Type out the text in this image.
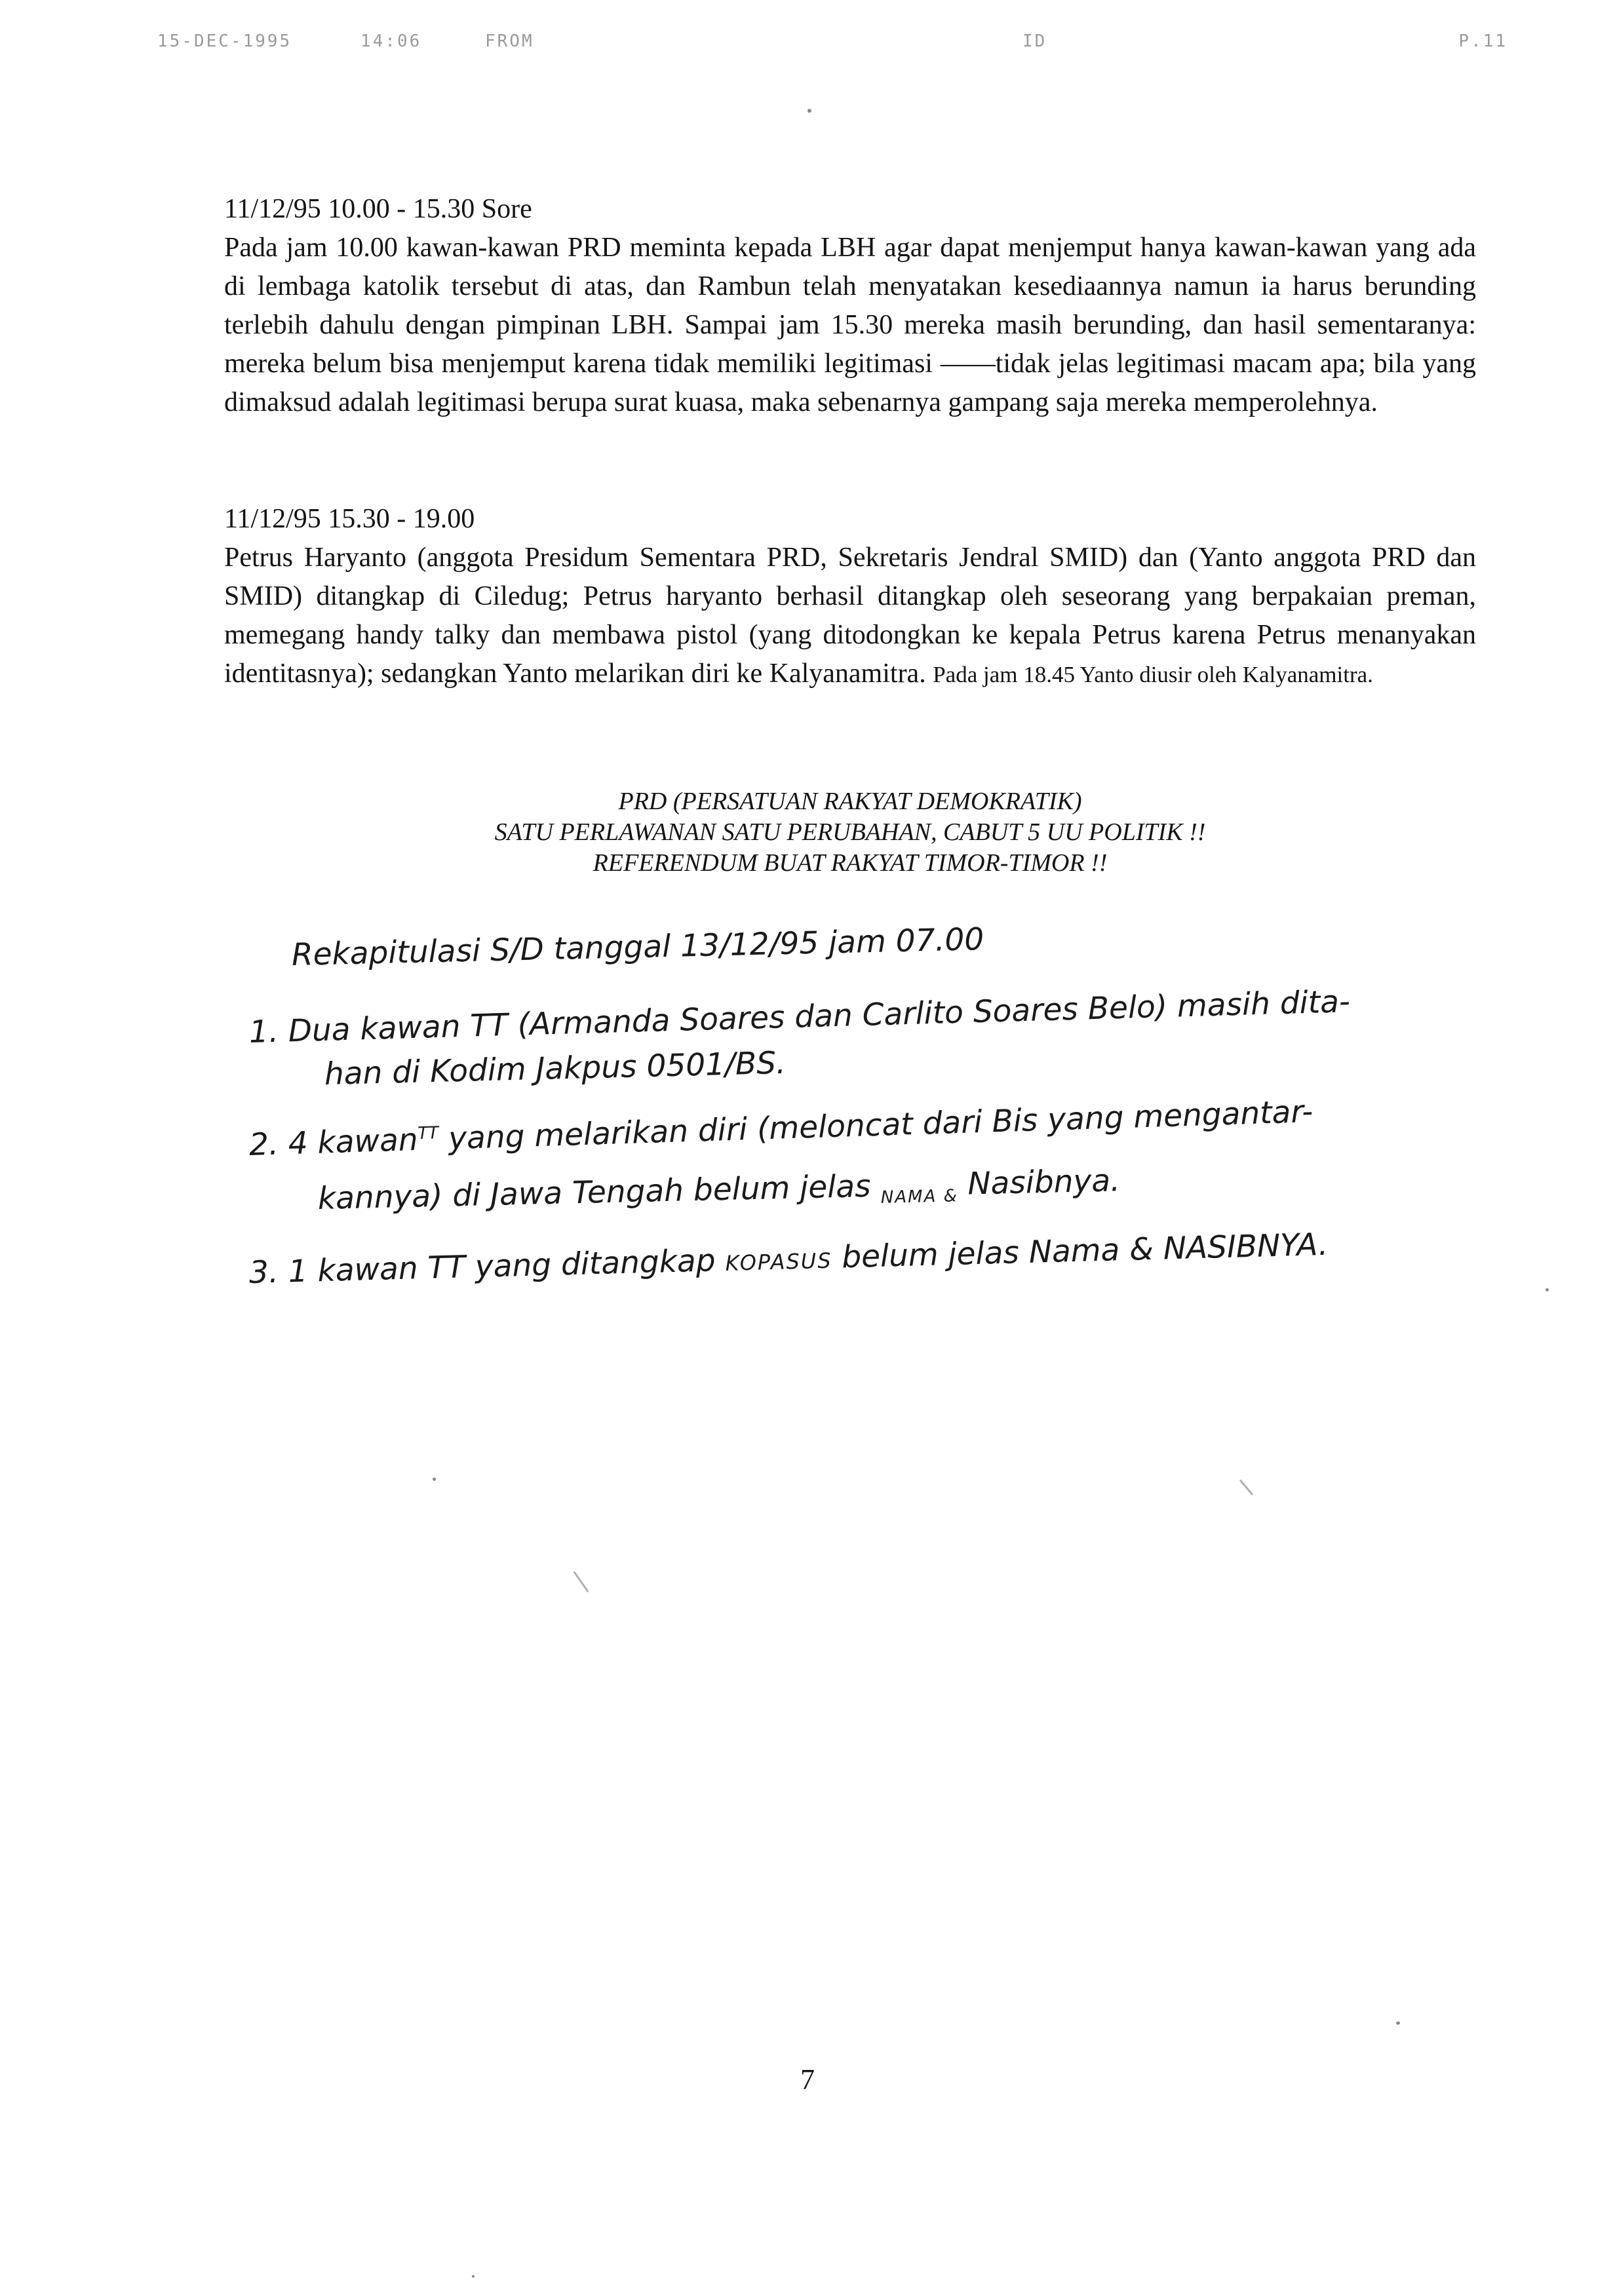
15-DEC-1995	14:06	FROM	ID	P.11
11/12/95 10.00 - 15.30 Sore
Pada jam 10.00 kawan-kawan PRD meminta kepada LBH agar dapat menjemput hanya kawan-kawan yang ada di lembaga katolik tersebut di atas, dan Rambun telah menyatakan kesediaannya namun ia harus berunding terlebih dahulu dengan pimpinan LBH. Sampai jam 15.30 mereka masih berunding, dan hasil sementaranya: mereka belum bisa menjemput karena tidak memiliki legitimasi ——tidak jelas legitimasi macam apa; bila yang dimaksud adalah legitimasi berupa surat kuasa, maka sebenarnya gampang saja mereka memperolehnya.
11/12/95 15.30 - 19.00
Petrus Haryanto (anggota Presidum Sementara PRD, Sekretaris Jendral SMID) dan (Yanto anggota PRD dan SMID) ditangkap di Ciledug; Petrus haryanto berhasil ditangkap oleh seseorang yang berpakaian preman, memegang handy talky dan membawa pistol (yang ditodongkan ke kepala Petrus karena Petrus menanyakan identitasnya); sedangkan Yanto melarikan diri ke Kalyanamitra. Pada jam 18.45 Yanto diusir oleh Kalyanamitra.
PRD (PERSATUAN RAKYAT DEMOKRATIK)
SATU PERLAWANAN SATU PERUBAHAN, CABUT 5 UU POLITIK !!
REFERENDUM BUAT RAKYAT TIMOR-TIMOR !!
Rekapitulasi S/D tanggal 13/12/95 jam 07.00
1. Dua kawan TT (Armanda Soares dan Carlito Soares Belo) masih dita-
han di Kodim Jakpus 0501/BS.
2. 4 kawan$^{TT}$ yang melarikan diri (meloncat dari Bis yang mengantar-
kannya) di Jawa Tengah belum jelas $_{NAMA \&}$ Nasibnya.
3. 1 kawan TT yang ditangkap KOPASUS belum jelas Nama & NASIBNYA.
7
